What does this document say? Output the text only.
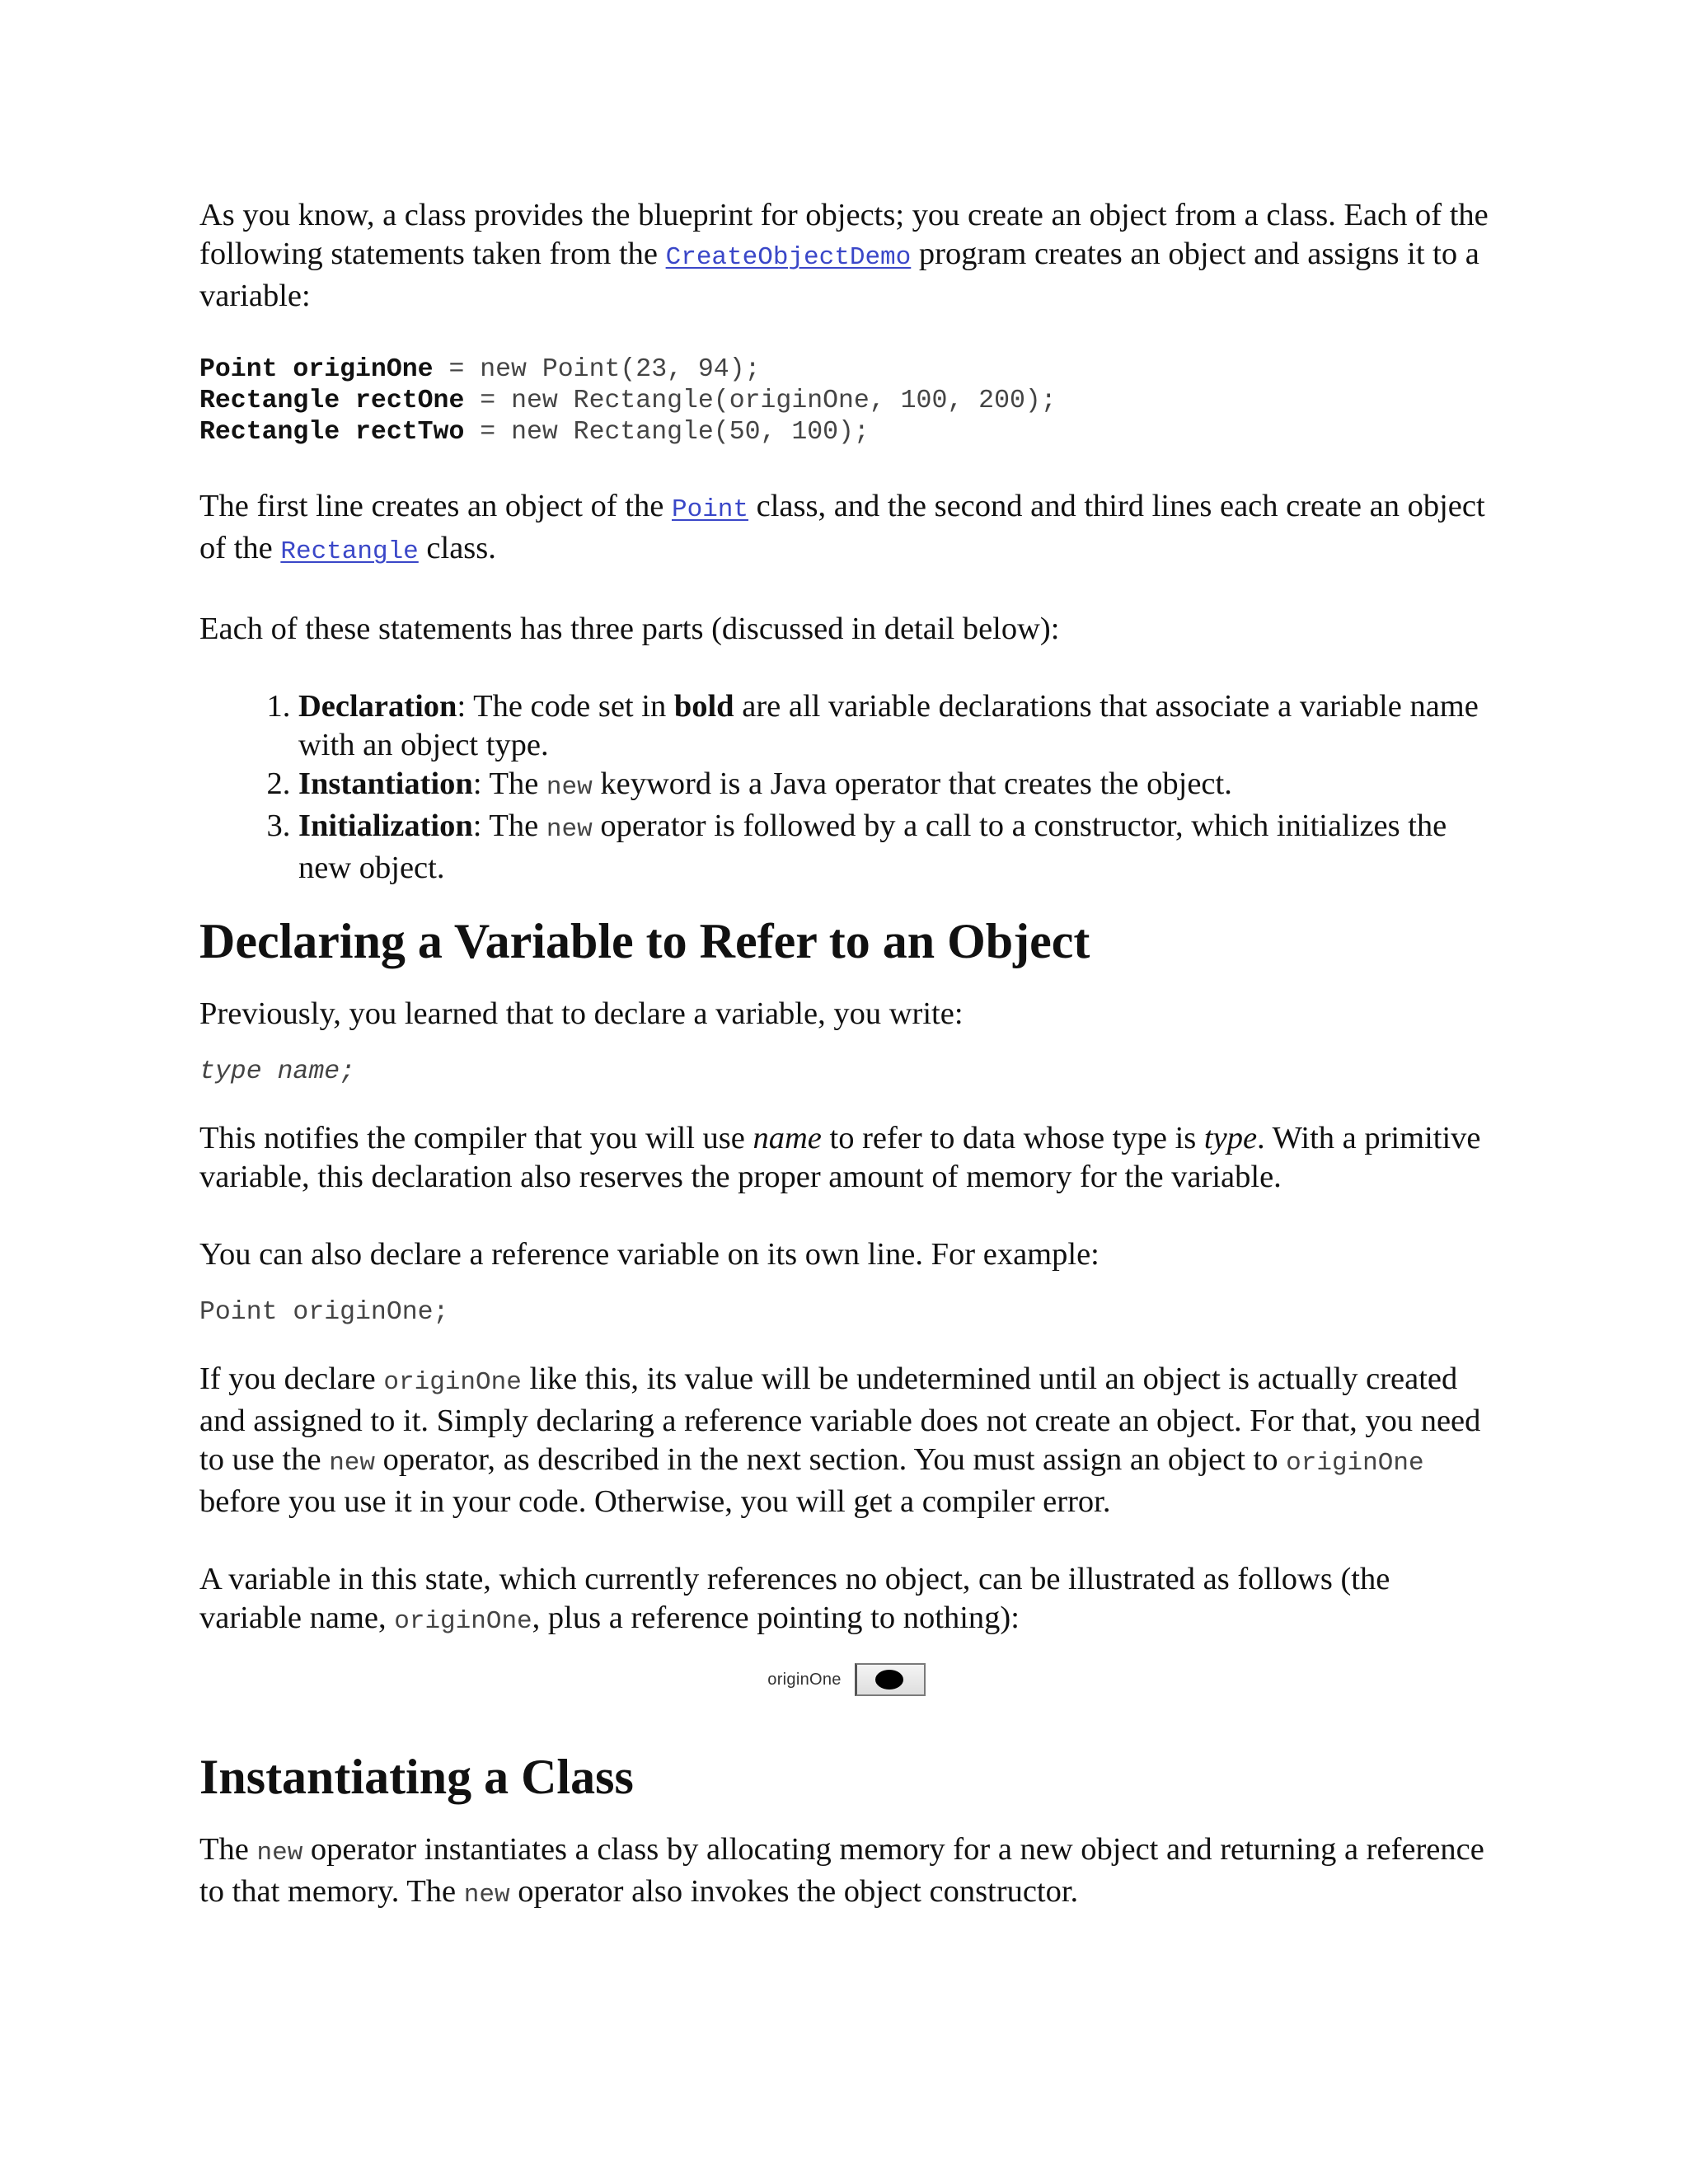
As you know, a class provides the blueprint for objects; you create an object from a class. Each of the following statements taken from the CreateObjectDemo program creates an object and assigns it to a variable:

Point originOne = new Point(23, 94);
Rectangle rectOne = new Rectangle(originOne, 100, 200);
Rectangle rectTwo = new Rectangle(50, 100);

The first line creates an object of the Point class, and the second and third lines each create an object of the Rectangle class.

Each of these statements has three parts (discussed in detail below):

1. Declaration: The code set in bold are all variable declarations that associate a variable name with an object type.
2. Instantiation: The new keyword is a Java operator that creates the object.
3. Initialization: The new operator is followed by a call to a constructor, which initializes the new object.
Declaring a Variable to Refer to an Object

Previously, you learned that to declare a variable, you write:

type name;

This notifies the compiler that you will use name to refer to data whose type is type. With a primitive variable, this declaration also reserves the proper amount of memory for the variable.

You can also declare a reference variable on its own line. For example:

Point originOne;

If you declare originOne like this, its value will be undetermined until an object is actually created and assigned to it. Simply declaring a reference variable does not create an object. For that, you need to use the new operator, as described in the next section. You must assign an object to originOne before you use it in your code. Otherwise, you will get a compiler error.

A variable in this state, which currently references no object, can be illustrated as follows (the variable name, originOne, plus a reference pointing to nothing):

originOne
Instantiating a Class

The new operator instantiates a class by allocating memory for a new object and returning a reference to that memory. The new operator also invokes the object constructor.
